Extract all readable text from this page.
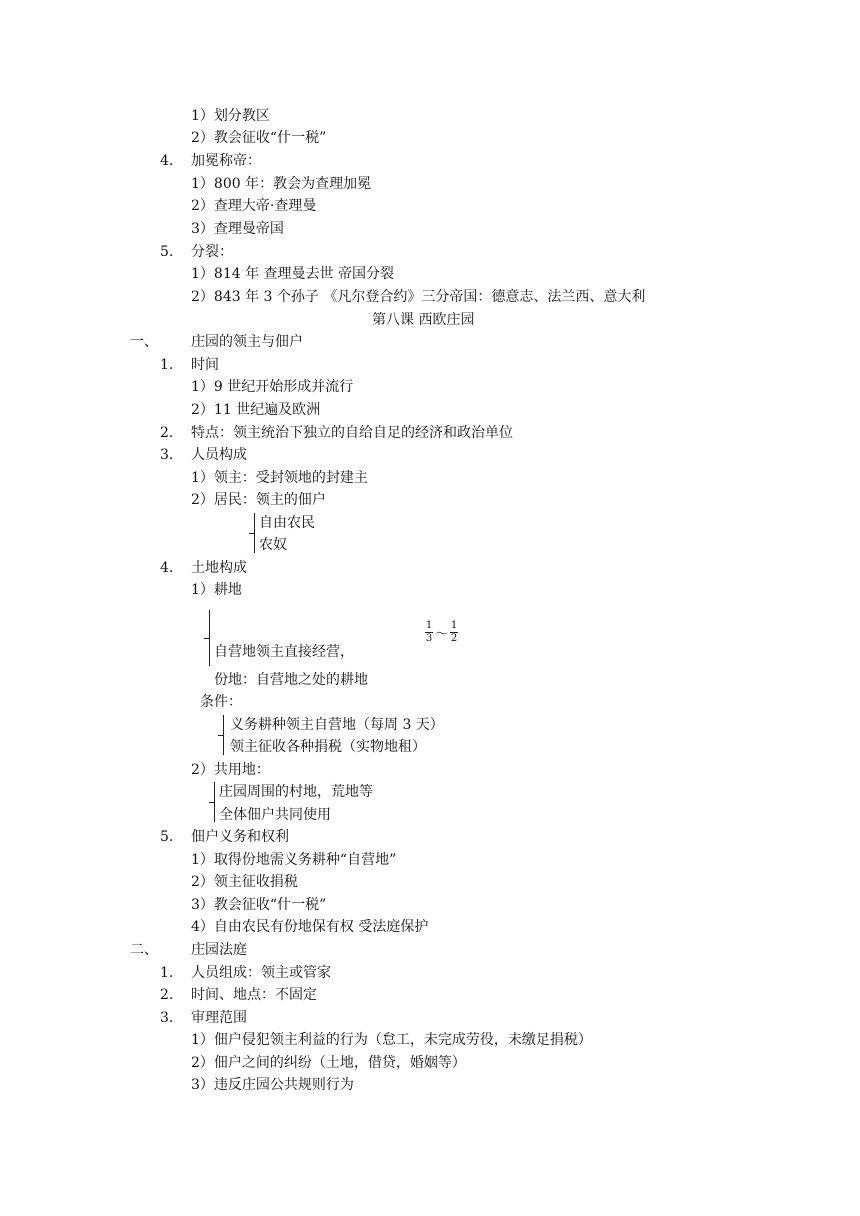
1）划分教区
2）教会征收“什一税”
4. 加冕称帝：
1）800 年：教会为查理加冕
2）查理大帝·查理曼
3）查理曼帝国
5. 分裂：
1）814 年 查理曼去世 帝国分裂
2）843 年 3 个孙子 《凡尔登合约》三分帝国：德意志、法兰西、意大利
第八课 西欧庄园
一、 庄园的领主与佃户
1. 时间
1）9 世纪开始形成并流行
2）11 世纪遍及欧洲
2. 特点：领主统治下独立的自给自足的经济和政治单位
3. 人员构成
1）领主：受封领地的封建主
2）居民：领主的佃户
自由农民
农奴
4. 土地构成
1）耕地
自营地领主直接经营，
1
3 ～
1
2
份地：自营地之处的耕地
条件：
义务耕种领主自营地（每周 3 天）
领主征收各种捐税（实物地租）
2）共用地：
庄园周围的村地，荒地等
全体佃户共同使用
5. 佃户义务和权利
1）取得份地需义务耕种“自营地”
2）领主征收捐税
3）教会征收“什一税”
4）自由农民有份地保有权 受法庭保护
二、 庄园法庭
1. 人员组成：领主或管家
2. 时间、地点：不固定
3. 审理范围
1）佃户侵犯领主利益的行为（怠工，未完成劳役，未缴足捐税）
2）佃户之间的纠纷（土地，借贷，婚姻等）
3）违反庄园公共规则行为
